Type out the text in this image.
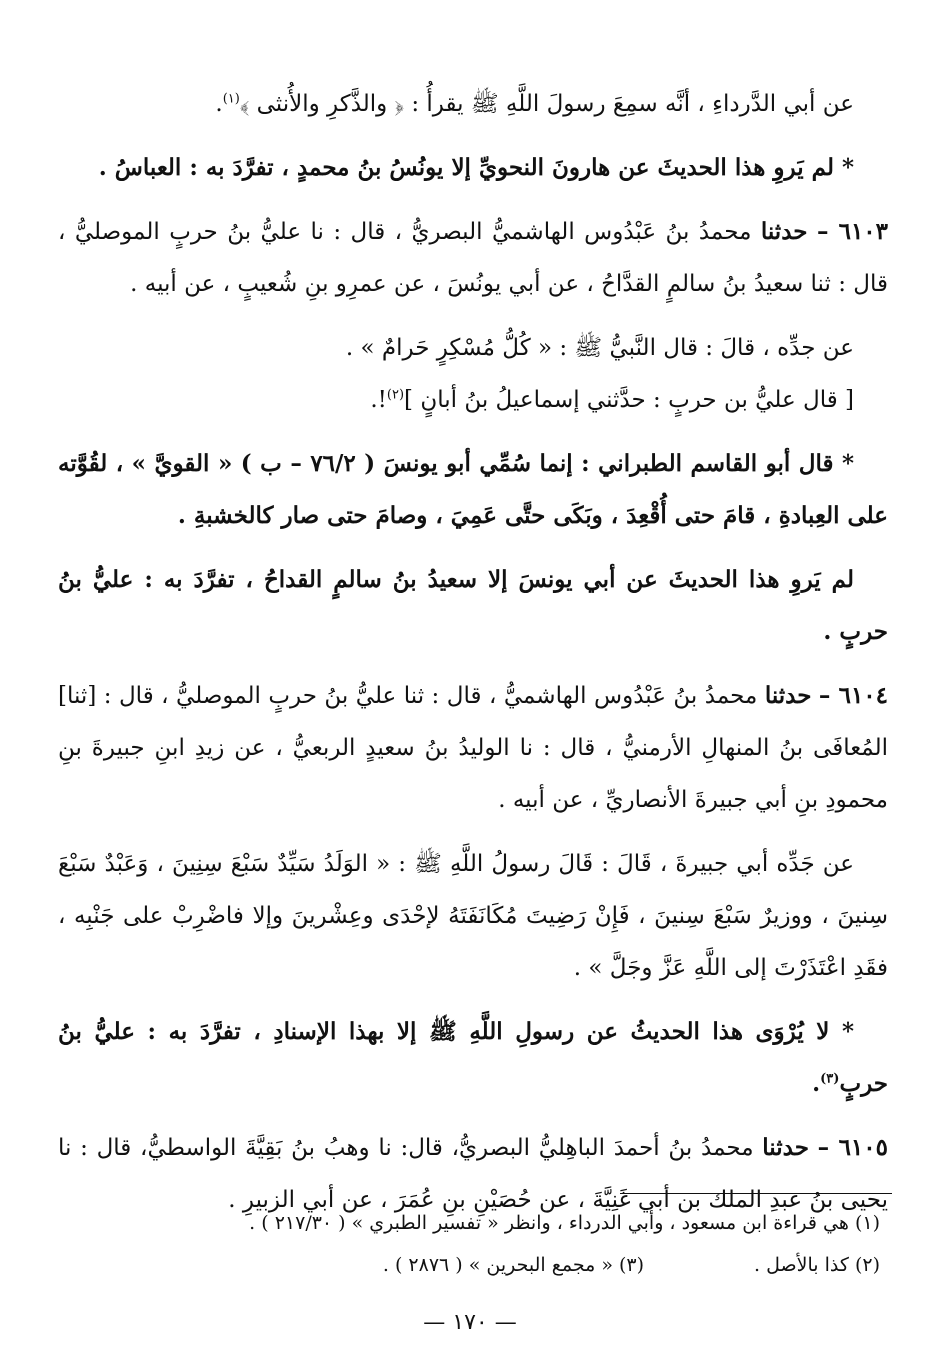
عن أبي الدَّرداءِ ، أنَّه سمِعَ رسولَ اللَّهِ ﷺ يقرأُ : ﴿ والذَّكرِ والأُنثى ﴾$^{(١)}$.

* لم يَروِ هذا الحديثَ عن هارونَ النحويِّ إلا يونُسُ بنُ محمدٍ ، تفرَّدَ به : العباسُ .

٦١٠٣ – حدثنا محمدُ بنُ عَبْدُوس الهاشميُّ البصريُّ ، قال : نا عليُّ بنُ حربٍ الموصليُّ ، قال : ثنا سعيدُ بنُ سالمٍ القدَّاحُ ، عن أبي يونُسَ ، عن عمرِو بنِ شُعيبٍ ، عن أبيه .

عن جدِّه ، قالَ : قال النَّبيُّ ﷺ : « كُلُّ مُسْكِرٍ حَرامٌ » .

[ قال عليُّ بن حربٍ : حدَّثني إسماعيلُ بنُ أبانٍ ]$^{(٢)}$!.

* قال أبو القاسم الطبراني : إنما سُمِّي أبو يونسَ ( ٧٦/٢ – ب ) « القويَّ » ، لقُوَّته على العِبادةِ ، قامَ حتى أُقْعِدَ ، وبَكَى حتَّى عَمِيَ ، وصامَ حتى صار كالخشبةِ .

لم يَروِ هذا الحديثَ عن أبي يونسَ إلا سعيدُ بنُ سالمٍ القداحُ ، تفرَّدَ به : عليُّ بنُ حربٍ .

٦١٠٤ – حدثنا محمدُ بنُ عَبْدُوس الهاشميُّ ، قال : ثنا عليُّ بنُ حربٍ الموصليُّ ، قال : [ثنا] المُعافَى بنُ المنهالِ الأرمنيُّ ، قال : نا الوليدُ بنُ سعيدٍ الربعيُّ ، عن زيدِ ابنِ جبيرةَ بنِ محمودِ بنِ أبي جبيرةَ الأنصاريِّ ، عن أبيه .

عن جَدِّه أبي جبيرةَ ، قَالَ : قَالَ رسولُ اللَّهِ ﷺ : « الوَلَدُ سَيِّدٌ سَبْعَ سِنِينَ ، وَعَبْدٌ سَبْعَ سِنينَ ، ووزيرٌ سَبْعَ سِنينَ ، فَإِنْ رَضِيتَ مُكَانَفَتَهُ لإحْدَى وعِشْرينَ وإلا فاضْرِبْ على جَنْبِه ، فقَدِ اعْتَذَرْتَ إلى اللَّهِ عَزَّ وجَلَّ » .

* لا يُرْوَى هذا الحديثُ عن رسولِ اللَّهِ ﷺ إلا بهذا الإسنادِ ، تفرَّدَ به : عليُّ بنُ حربٍ$^{(٣)}$.

٦١٠٥ – حدثنا محمدُ بنُ أحمدَ الباهِليُّ البصريُّ، قال: نا وهبُ بنُ بَقِيَّةَ الواسطيُّ، قال : نا يحيى بنُ عبدِ الملك بن أبي غَنِيَّةَ ، عن حُصَيْنِ بنِ عُمَرَ ، عن أبي الزبيرِ .

(١) هي قراءة ابن مسعود ، وأبي الدرداء ، وانظر « تفسير الطبري » ( ٢١٧/٣٠ ) .
(٢) كذا بالأصل .
(٣) « مجمع البحرين » ( ٢٨٧٦ ) .
— ١٧٠ —
